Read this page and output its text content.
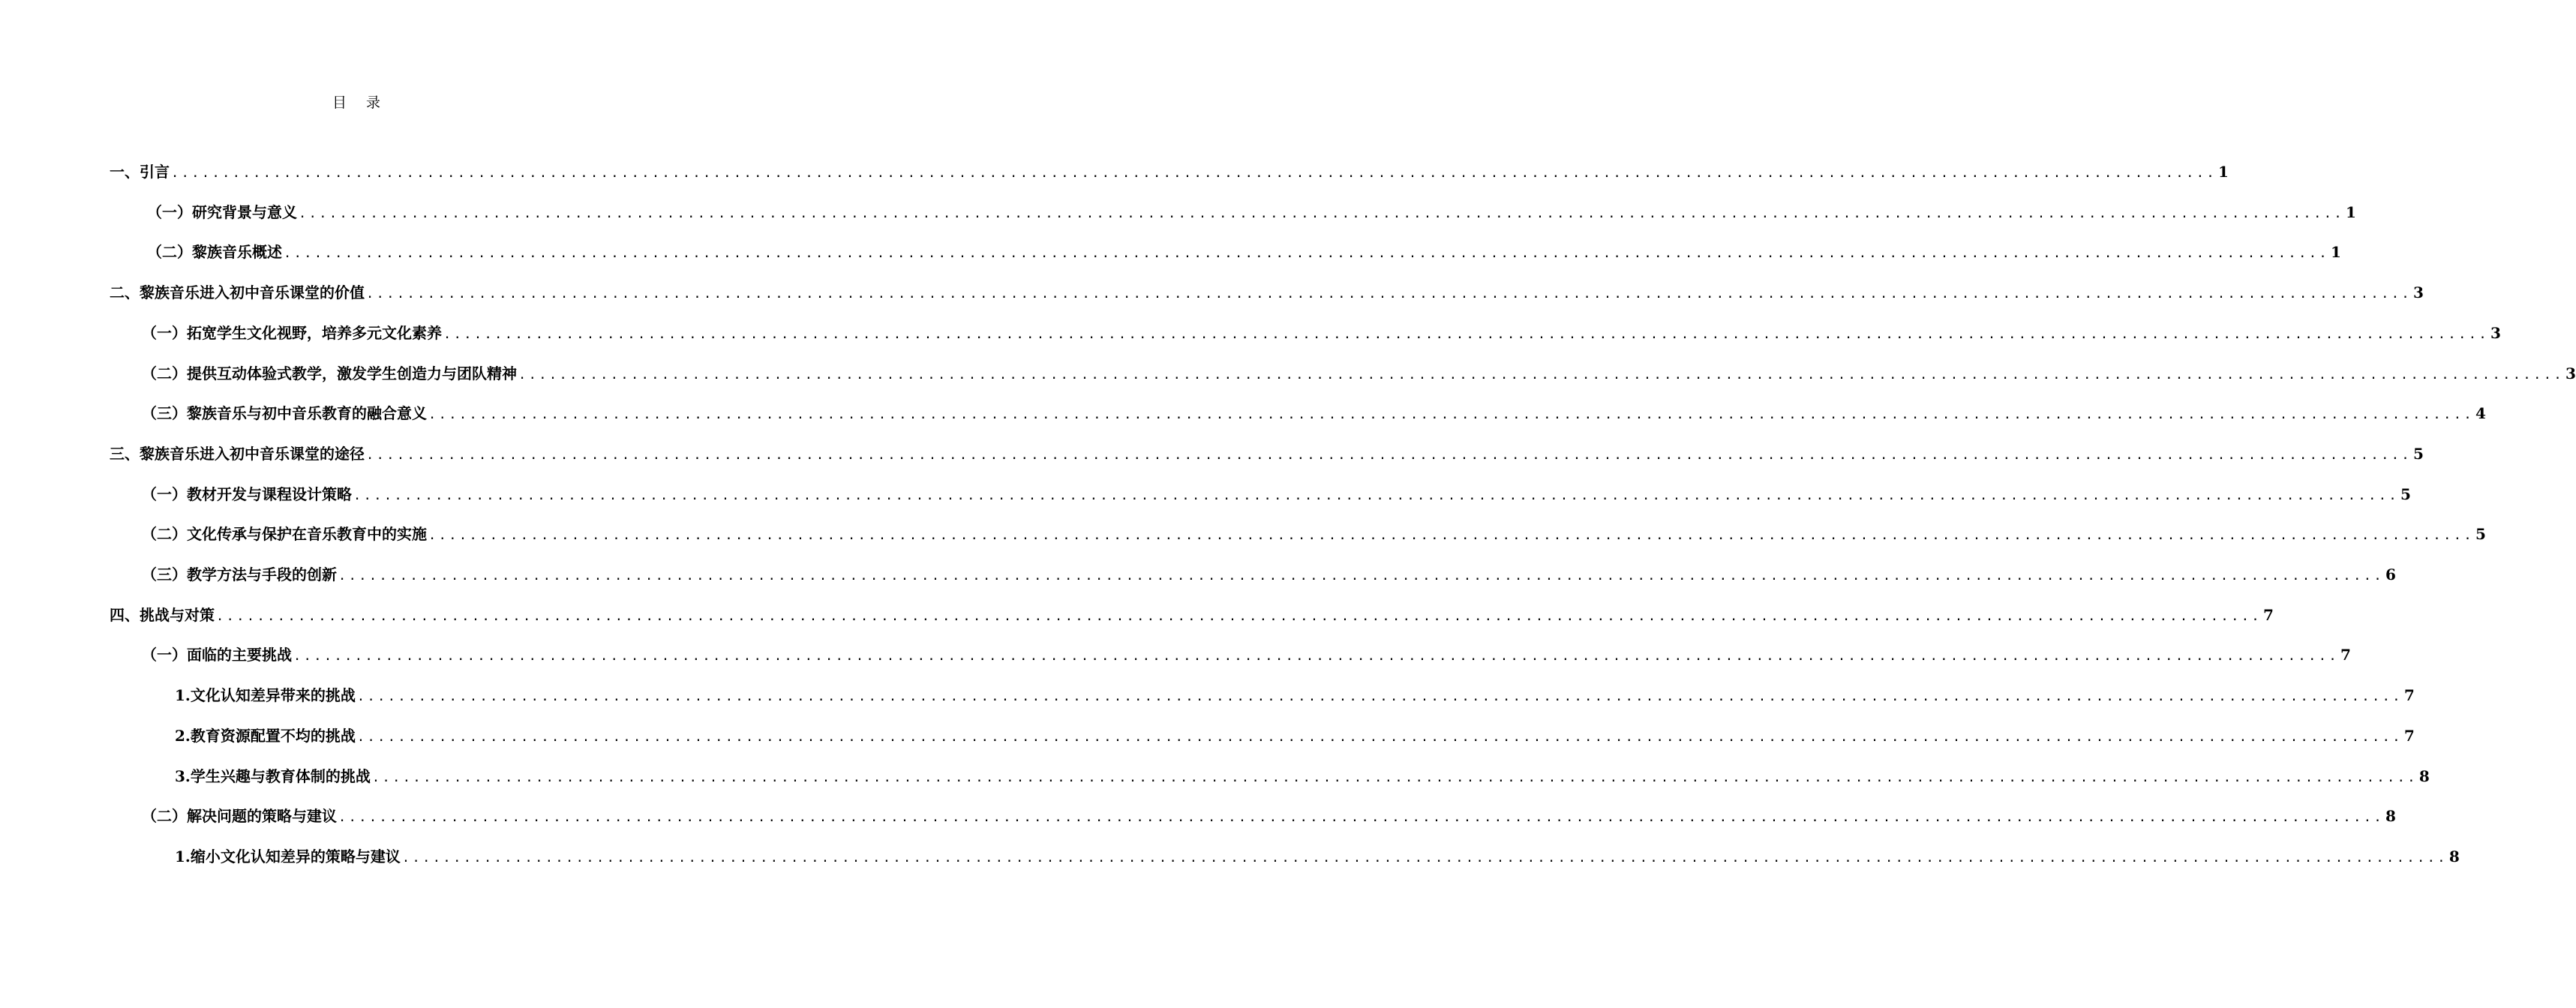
目录
一、引言 ........................................................................................................................................................................................................ 1
（一）研究背景与意义 ........................................................................................................................................................................................................ 1
（二）黎族音乐概述 ........................................................................................................................................................................................................ 1
二、黎族音乐进入初中音乐课堂的价值 ........................................................................................................................................................................................................ 3
（一）拓宽学生文化视野，培养多元文化素养 ........................................................................................................................................................................................................ 3
（二）提供互动体验式教学，激发学生创造力与团队精神 ........................................................................................................................................................................................................ 3
（三）黎族音乐与初中音乐教育的融合意义 ........................................................................................................................................................................................................ 4
三、黎族音乐进入初中音乐课堂的途径 ........................................................................................................................................................................................................ 5
（一）教材开发与课程设计策略 ........................................................................................................................................................................................................ 5
（二）文化传承与保护在音乐教育中的实施 ........................................................................................................................................................................................................ 5
（三）教学方法与手段的创新 ........................................................................................................................................................................................................ 6
四、挑战与对策 ........................................................................................................................................................................................................ 7
（一）面临的主要挑战 ........................................................................................................................................................................................................ 7
1.文化认知差异带来的挑战 ........................................................................................................................................................................................................ 7
2.教育资源配置不均的挑战 ........................................................................................................................................................................................................ 7
3.学生兴趣与教育体制的挑战 ........................................................................................................................................................................................................ 8
（二）解决问题的策略与建议 ........................................................................................................................................................................................................ 8
1.缩小文化认知差异的策略与建议 ........................................................................................................................................................................................................ 8
